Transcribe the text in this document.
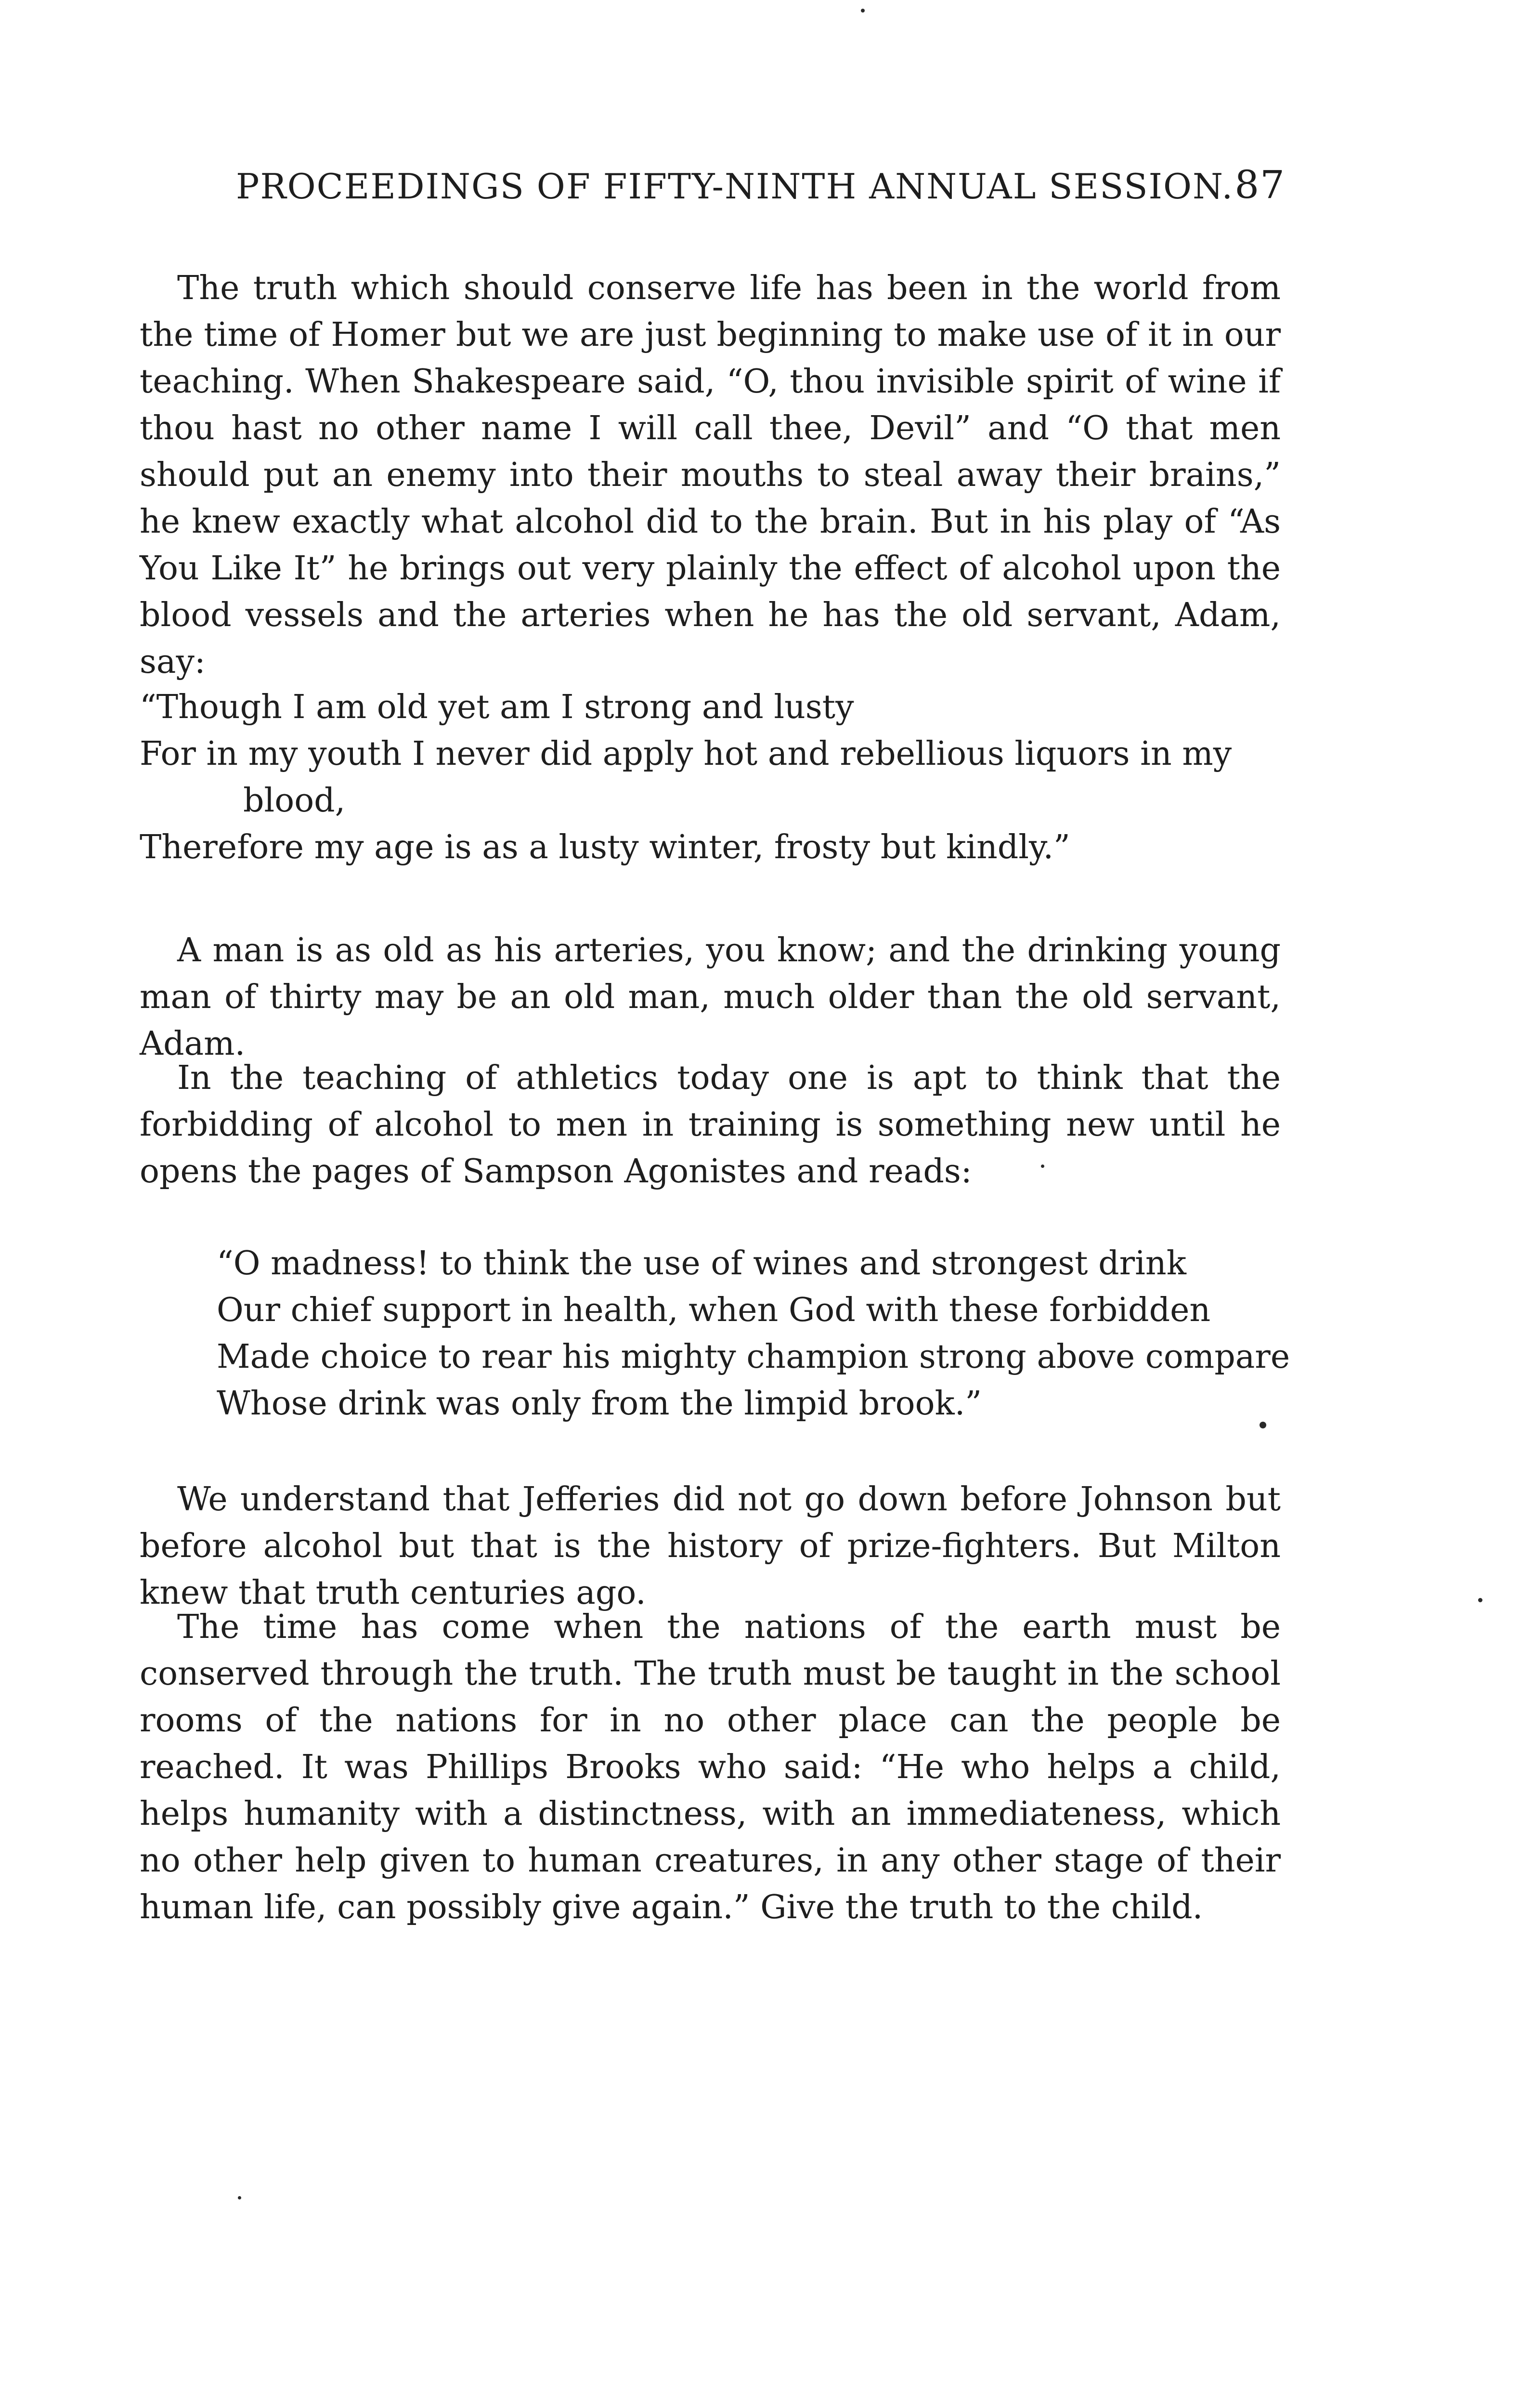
PROCEEDINGS OF FIFTY-NINTH ANNUAL SESSION. 87

The truth which should conserve life has been in the world from the time of Homer but we are just beginning to make use of it in our teaching. When Shakespeare said, “O, thou invisible spirit of wine if thou hast no other name I will call thee, Devil” and “O that men should put an enemy into their mouths to steal away their brains,” he knew exactly what alcohol did to the brain. But in his play of “As You Like It” he brings out very plainly the effect of alcohol upon the blood vessels and the arteries when he has the old servant, Adam, say:

“Though I am old yet am I strong and lusty
For in my youth I never did apply hot and rebellious liquors in my
blood,
Therefore my age is as a lusty winter, frosty but kindly.”

A man is as old as his arteries, you know; and the drinking young man of thirty may be an old man, much older than the old servant, Adam.

In the teaching of athletics today one is apt to think that the forbidding of alcohol to men in training is something new until he opens the pages of Sampson Agonistes and reads:

“O madness! to think the use of wines and strongest drink
Our chief support in health, when God with these forbidden
Made choice to rear his mighty champion strong above compare
Whose drink was only from the limpid brook.”

We understand that Jefferies did not go down before Johnson but before alcohol but that is the history of prize-fighters. But Milton knew that truth centuries ago.

The time has come when the nations of the earth must be conserved through the truth. The truth must be taught in the school rooms of the nations for in no other place can the people be reached. It was Phillips Brooks who said: “He who helps a child, helps humanity with a distinctness, with an immediateness, which no other help given to human creatures, in any other stage of their human life, can possibly give again.” Give the truth to the child.
